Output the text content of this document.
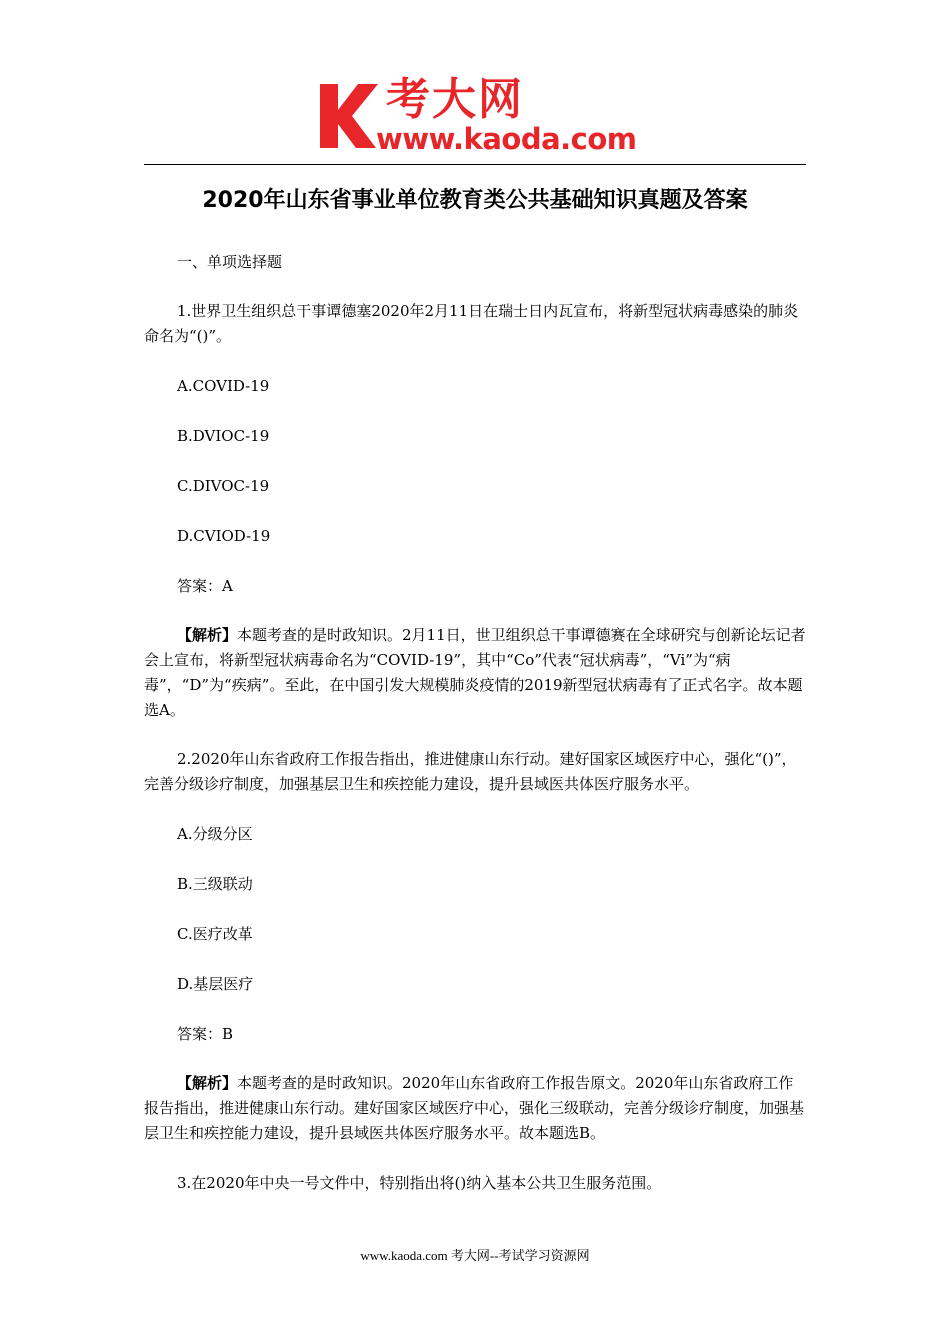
考大网
www.kaoda.com
2020年山东省事业单位教育类公共基础知识真题及答案
一、单项选择题
1.世界卫生组织总干事谭德塞2020年2月11日在瑞士日内瓦宣布，将新型冠状病毒感染的肺炎命名为“()”。
A.COVID-19
B.DVIOC-19
C.DIVOC-19
D.CVIOD-19
答案：A
【解析】本题考查的是时政知识。2月11日，世卫组织总干事谭德赛在全球研究与创新论坛记者会上宣布，将新型冠状病毒命名为“COVID-19”，其中“Co”代表“冠状病毒”，“Vi”为“病毒”，“D”为“疾病”。至此，在中国引发大规模肺炎疫情的2019新型冠状病毒有了正式名字。故本题选A。
2.2020年山东省政府工作报告指出，推进健康山东行动。建好国家区域医疗中心，强化“()”，完善分级诊疗制度，加强基层卫生和疾控能力建设，提升县域医共体医疗服务水平。
A.分级分区
B.三级联动
C.医疗改革
D.基层医疗
答案：B
【解析】本题考查的是时政知识。2020年山东省政府工作报告原文。2020年山东省政府工作报告指出，推进健康山东行动。建好国家区域医疗中心，强化三级联动，完善分级诊疗制度，加强基层卫生和疾控能力建设，提升县域医共体医疗服务水平。故本题选B。
3.在2020年中央一号文件中，特别指出将()纳入基本公共卫生服务范围。
www.kaoda.com 考大网--考试学习资源网
